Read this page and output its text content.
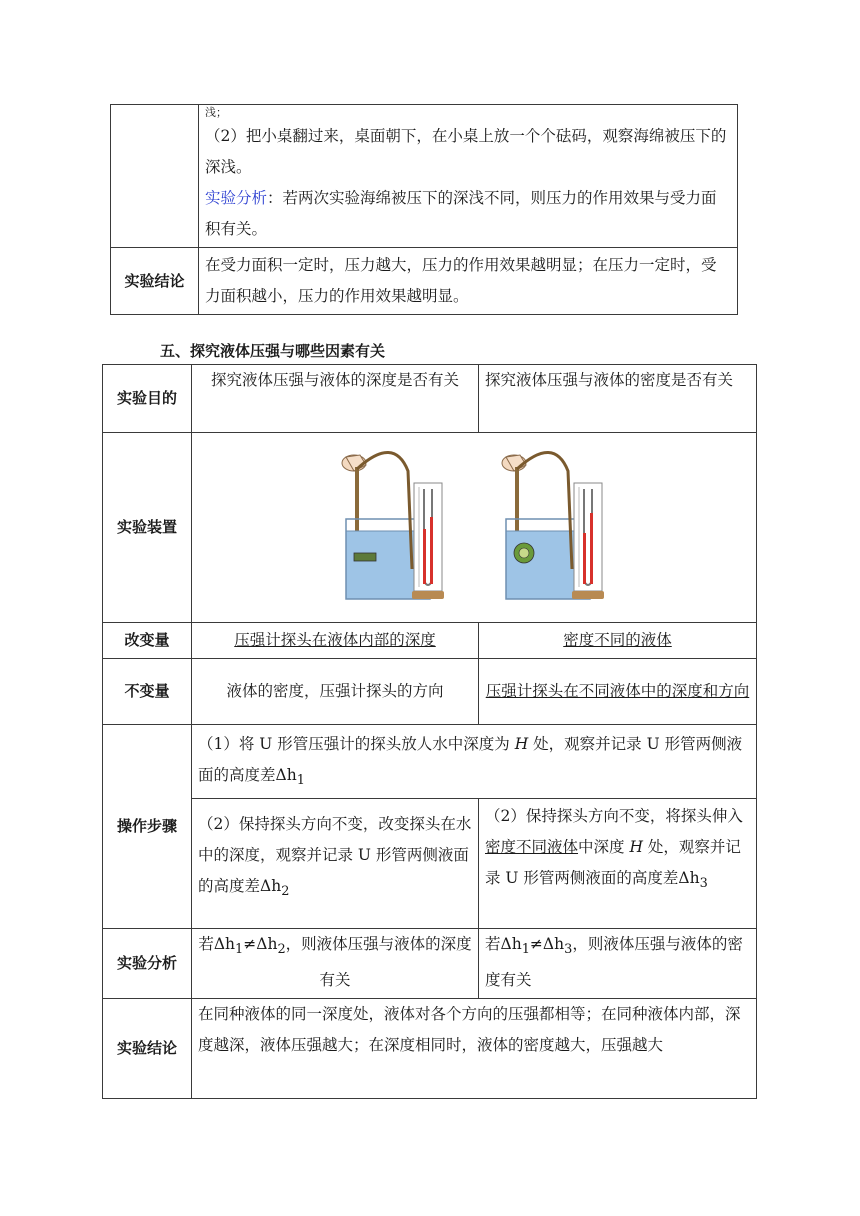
	浅；
（2）把小桌翻过来，桌面朝下，在小桌上放一个个砝码，观察海绵被压下的深浅。
实验分析：若两次实验海绵被压下的深浅不同，则压力的作用效果与受力面积有关。

实验结论	在受力面积一定时，压力越大，压力的作用效果越明显；在压力一定时，受力面积越小，压力的作用效果越明显。
五、探究液体压强与哪些因素有关
实验目的	探究液体压强与液体的深度是否有关	探究液体压强与液体的密度是否有关
实验装置	

改变量	压强计探头在液体内部的深度	密度不同的液体
不变量	液体的密度，压强计探头的方向	压强计探头在不同液体中的深度和方向
操作步骤	（1）将 U 形管压强计的探头放人水中深度为 H 处，观察并记录 U 形管两侧液面的高度差$\Delta h_1$
	（2）保持探头方向不变，改变探头在水中的深度，观察并记录 U 形管两侧液面的高度差$\Delta h_2$	（2）保持探头方向不变，将探头伸入密度不同液体中深度 H 处，观察并记录 U 形管两侧液面的高度差$\Delta h_3$
实验分析	若$\Delta h_1\ne\Delta h_2$，则液体压强与液体的深度有关	若$\Delta h_1\ne\Delta h_3$，则液体压强与液体的密度有关
实验结论	在同种液体的同一深度处，液体对各个方向的压强都相等；在同种液体内部，深度越深，液体压强越大；在深度相同时，液体的密度越大，压强越大	
